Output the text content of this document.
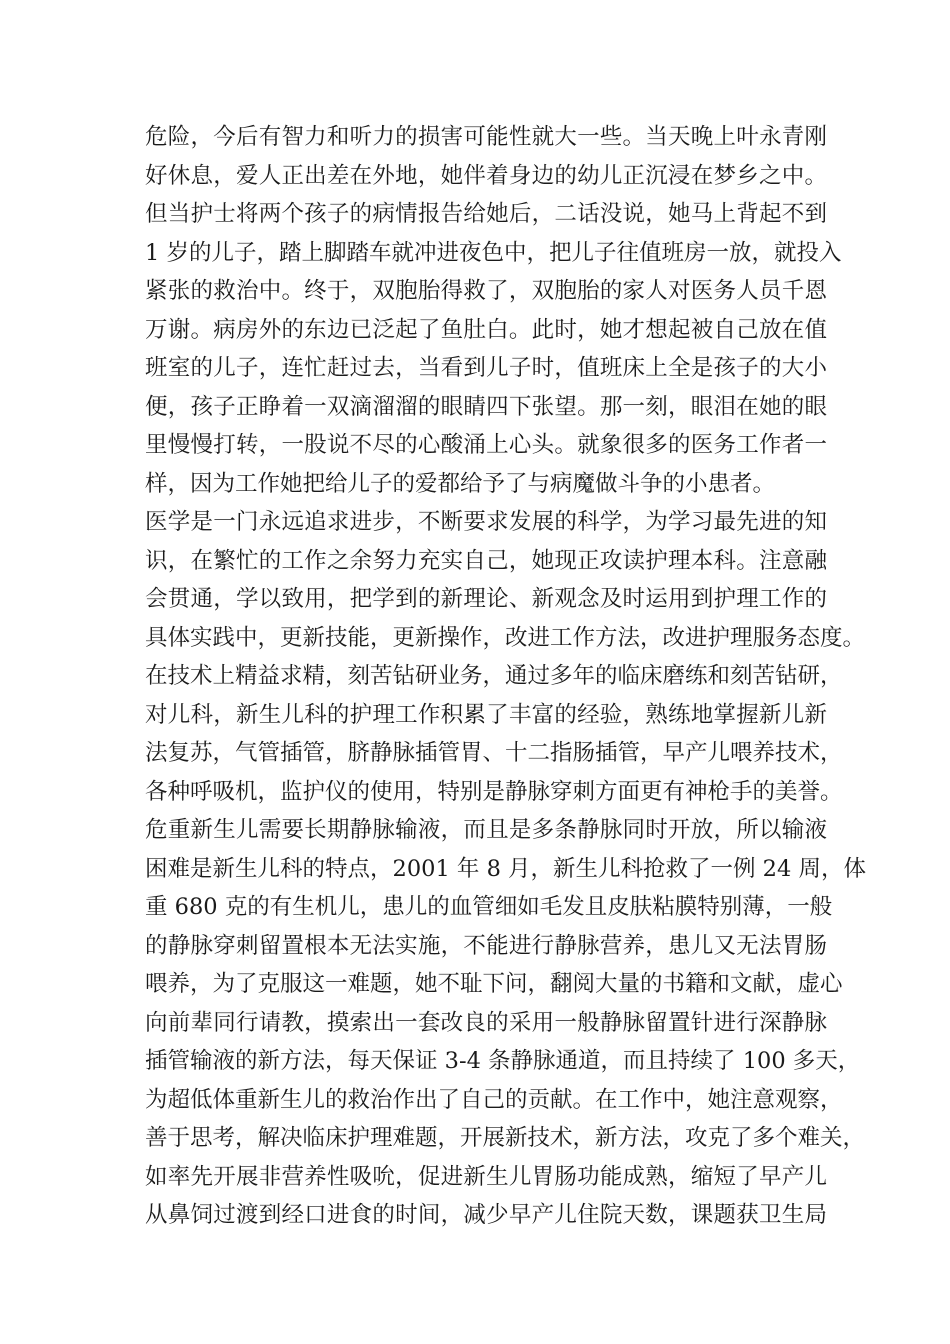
危险，今后有智力和听力的损害可能性就大一些。当天晚上叶永青刚
好休息，爱人正出差在外地，她伴着身边的幼儿正沉浸在梦乡之中。
但当护士将两个孩子的病情报告给她后，二话没说，她马上背起不到
1 岁的儿子，踏上脚踏车就冲进夜色中，把儿子往值班房一放，就投入
紧张的救治中。终于，双胞胎得救了，双胞胎的家人对医务人员千恩
万谢。病房外的东边已泛起了鱼肚白。此时，她才想起被自己放在值
班室的儿子，连忙赶过去，当看到儿子时，值班床上全是孩子的大小
便，孩子正睁着一双滴溜溜的眼睛四下张望。那一刻，眼泪在她的眼
里慢慢打转，一股说不尽的心酸涌上心头。就象很多的医务工作者一
样，因为工作她把给儿子的爱都给予了与病魔做斗争的小患者。
医学是一门永远追求进步，不断要求发展的科学，为学习最先进的知
识，在繁忙的工作之余努力充实自己，她现正攻读护理本科。注意融
会贯通，学以致用，把学到的新理论、新观念及时运用到护理工作的
具体实践中，更新技能，更新操作，改进工作方法，改进护理服务态度。
在技术上精益求精，刻苦钻研业务，通过多年的临床磨练和刻苦钻研，
对儿科，新生儿科的护理工作积累了丰富的经验，熟练地掌握新儿新
法复苏，气管插管，脐静脉插管胃、十二指肠插管，早产儿喂养技术，
各种呼吸机，监护仪的使用，特别是静脉穿刺方面更有神枪手的美誉。
危重新生儿需要长期静脉输液，而且是多条静脉同时开放，所以输液
困难是新生儿科的特点，2001 年 8 月，新生儿科抢救了一例 24 周，体
重 680 克的有生机儿，患儿的血管细如毛发且皮肤粘膜特别薄，一般
的静脉穿刺留置根本无法实施，不能进行静脉营养，患儿又无法胃肠
喂养，为了克服这一难题，她不耻下问，翻阅大量的书籍和文献，虚心
向前辈同行请教，摸索出一套改良的采用一般静脉留置针进行深静脉
插管输液的新方法，每天保证 3-4 条静脉通道，而且持续了 100 多天，
为超低体重新生儿的救治作出了自己的贡献。在工作中，她注意观察，
善于思考，解决临床护理难题，开展新技术，新方法，攻克了多个难关，
如率先开展非营养性吸吮，促进新生儿胃肠功能成熟，缩短了早产儿
从鼻饲过渡到经口进食的时间，减少早产儿住院天数，课题获卫生局
